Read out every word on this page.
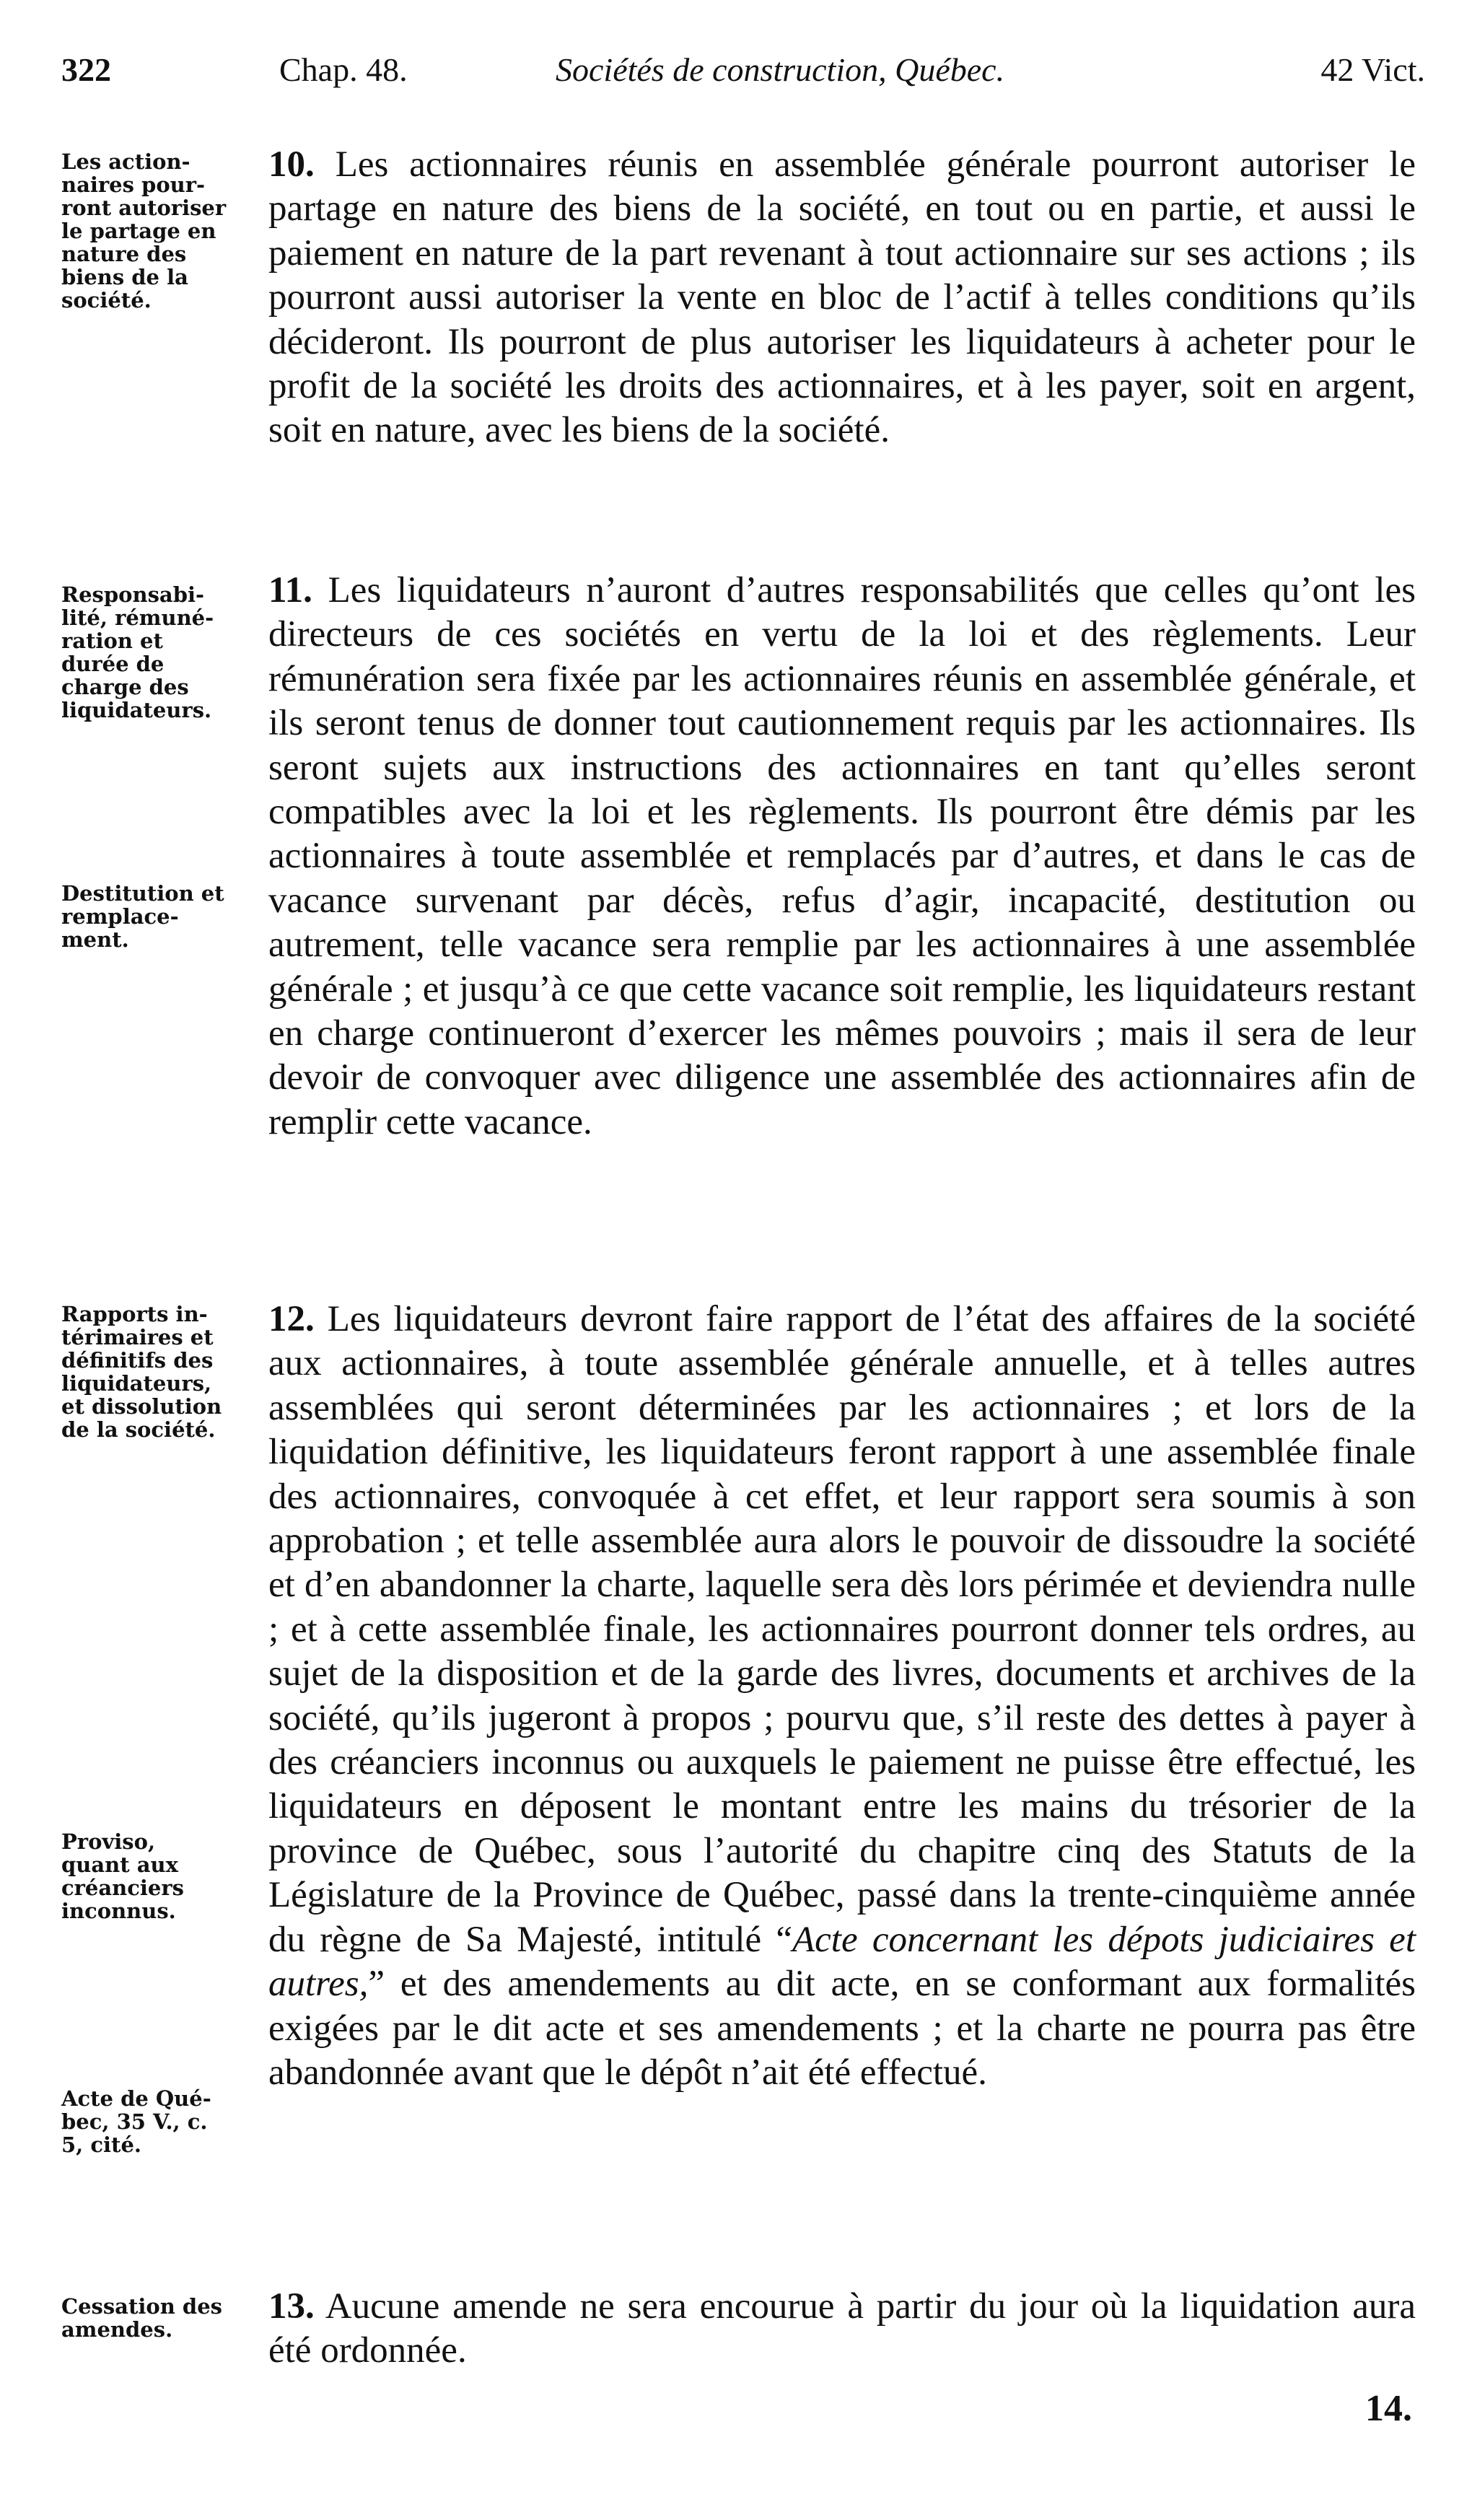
322	Chap. 48.	Sociétés de construction, Québec.	42 Vict.
Les action-
naires pour-
ront autoriser
le partage en
nature des
biens de la
société.
10. Les actionnaires réunis en assemblée générale pourront autoriser le partage en nature des biens de la société, en tout ou en partie, et aussi le paiement en nature de la part revenant à tout actionnaire sur ses actions ; ils pourront aussi autoriser la vente en bloc de l’actif à telles conditions qu’ils décideront. Ils pourront de plus autoriser les liquidateurs à acheter pour le profit de la société les droits des actionnaires, et à les payer, soit en argent, soit en nature, avec les biens de la société.
Responsabi-
lité, rémuné-
ration et
durée de
charge des
liquidateurs.
Destitution et
remplace-
ment.
11. Les liquidateurs n’auront d’autres responsabilités que celles qu’ont les directeurs de ces sociétés en vertu de la loi et des règlements. Leur rémunération sera fixée par les actionnaires réunis en assemblée générale, et ils seront tenus de donner tout cautionnement requis par les actionnaires. Ils seront sujets aux instructions des actionnaires en tant qu’elles seront compatibles avec la loi et les règlements. Ils pourront être démis par les actionnaires à toute assemblée et remplacés par d’autres, et dans le cas de vacance survenant par décès, refus d’agir, incapacité, destitution ou autrement, telle vacance sera remplie par les actionnaires à une assemblée générale ; et jusqu’à ce que cette vacance soit remplie, les liquidateurs restant en charge continueront d’exercer les mêmes pouvoirs ; mais il sera de leur devoir de convoquer avec diligence une assemblée des actionnaires afin de remplir cette vacance.
Rapports in-
térimaires et
définitifs des
liquidateurs,
et dissolution
de la société.
Proviso,
quant aux
créanciers
inconnus.
Acte de Qué-
bec, 35 V., c.
5, cité.
12. Les liquidateurs devront faire rapport de l’état des affaires de la société aux actionnaires, à toute assemblée générale annuelle, et à telles autres assemblées qui seront déterminées par les actionnaires ; et lors de la liquidation définitive, les liquidateurs feront rapport à une assemblée finale des actionnaires, convoquée à cet effet, et leur rapport sera soumis à son approbation ; et telle assemblée aura alors le pouvoir de dissoudre la société et d’en abandonner la charte, laquelle sera dès lors périmée et deviendra nulle ; et à cette assemblée finale, les actionnaires pourront donner tels ordres, au sujet de la disposition et de la garde des livres, documents et archives de la société, qu’ils jugeront à propos ; pourvu que, s’il reste des dettes à payer à des créanciers inconnus ou auxquels le paiement ne puisse être effectué, les liquidateurs en déposent le montant entre les mains du trésorier de la province de Québec, sous l’autorité du chapitre cinq des Statuts de la Législature de la Province de Québec, passé dans la trente-cinquième année du règne de Sa Majesté, intitulé “Acte concernant les dépots judiciaires et autres,” et des amendements au dit acte, en se conformant aux formalités exigées par le dit acte et ses amendements ; et la charte ne pourra pas être abandonnée avant que le dépôt n’ait été effectué.
Cessation des
amendes.
13. Aucune amende ne sera encourue à partir du jour où la liquidation aura été ordonnée.
14.
